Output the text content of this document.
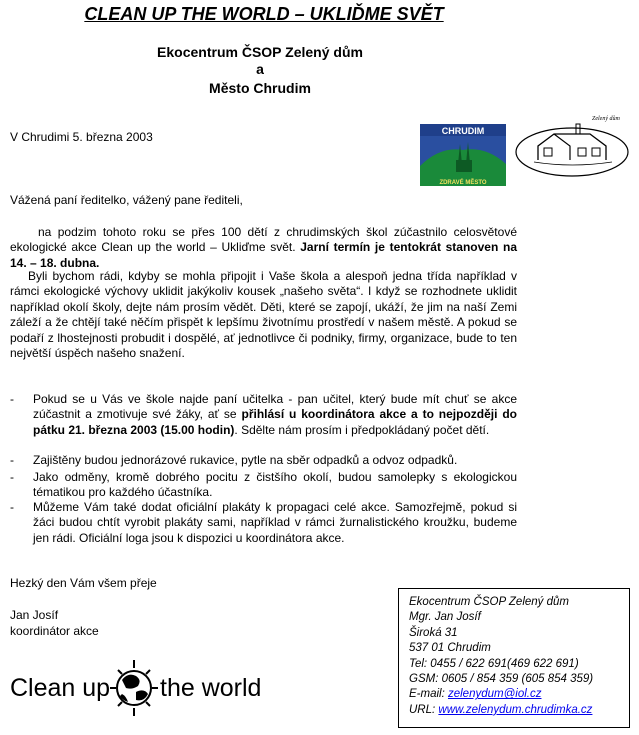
CLEAN UP THE WORLD – UKLIĎME SVĚT
Ekocentrum ČSOP Zelený dům
a
Město Chrudim
V Chrudimi 5. března 2003	CHRUDIM
ZDRAVÉ MĚSTO
Zelený dům
Vážená paní ředitelko, vážený pane řediteli,
na podzim tohoto roku se přes 100 dětí z chrudimských škol zúčastnilo celosvětové ekologické akce Clean up the world – Ukliďme svět. Jarní termín je tentokrát stanoven na 14. – 18. dubna.
Byli bychom rádi, kdyby se mohla připojit i Vaše škola a alespoň jedna třída například v rámci ekologické výchovy uklidit jakýkoliv kousek „našeho světa“. I když se rozhodnete uklidit například okolí školy, dejte nám prosím vědět. Děti, které se zapojí, ukáží, že jim na naší Zemi záleží a že chtějí také něčím přispět k lepšímu životnímu prostředí v našem městě. A pokud se podaří z lhostejnosti probudit i dospělé, ať jednotlivce či podniky, firmy, organizace, bude to ten největší úspěch našeho snažení.
- Pokud se u Vás ve škole najde paní učitelka - pan učitel, který bude mít chuť se akce zúčastnit a zmotivuje své žáky, ať se přihlásí u koordinátora akce a to nejpozději do pátku 21. března 2003 (15.00 hodin). Sdělte nám prosím i předpokládaný počet dětí.
- Zajištěny budou jednorázové rukavice, pytle na sběr odpadků a odvoz odpadků.
- Jako odměny, kromě dobrého pocitu z čistšího okolí, budou samolepky s ekologickou tématikou pro každého účastníka.
- Můžeme Vám také dodat oficiální plakáty k propagaci celé akce. Samozřejmě, pokud si žáci budou chtít vyrobit plakáty sami, například v rámci žurnalistického kroužku, budeme jen rádi. Oficiální loga jsou k dispozici u koordinátora akce.
Hezký den Vám všem přeje
Jan Josíf
koordinátor akce
Clean up the world
Ekocentrum ČSOP Zelený dům
Mgr. Jan Josíf
Široká 31
537 01 Chrudim
Tel: 0455 / 622 691(469 622 691)
GSM: 0605 / 854 359 (605 854 359)
E-mail: zelenydum@iol.cz
URL: www.zelenydum.chrudimka.cz
